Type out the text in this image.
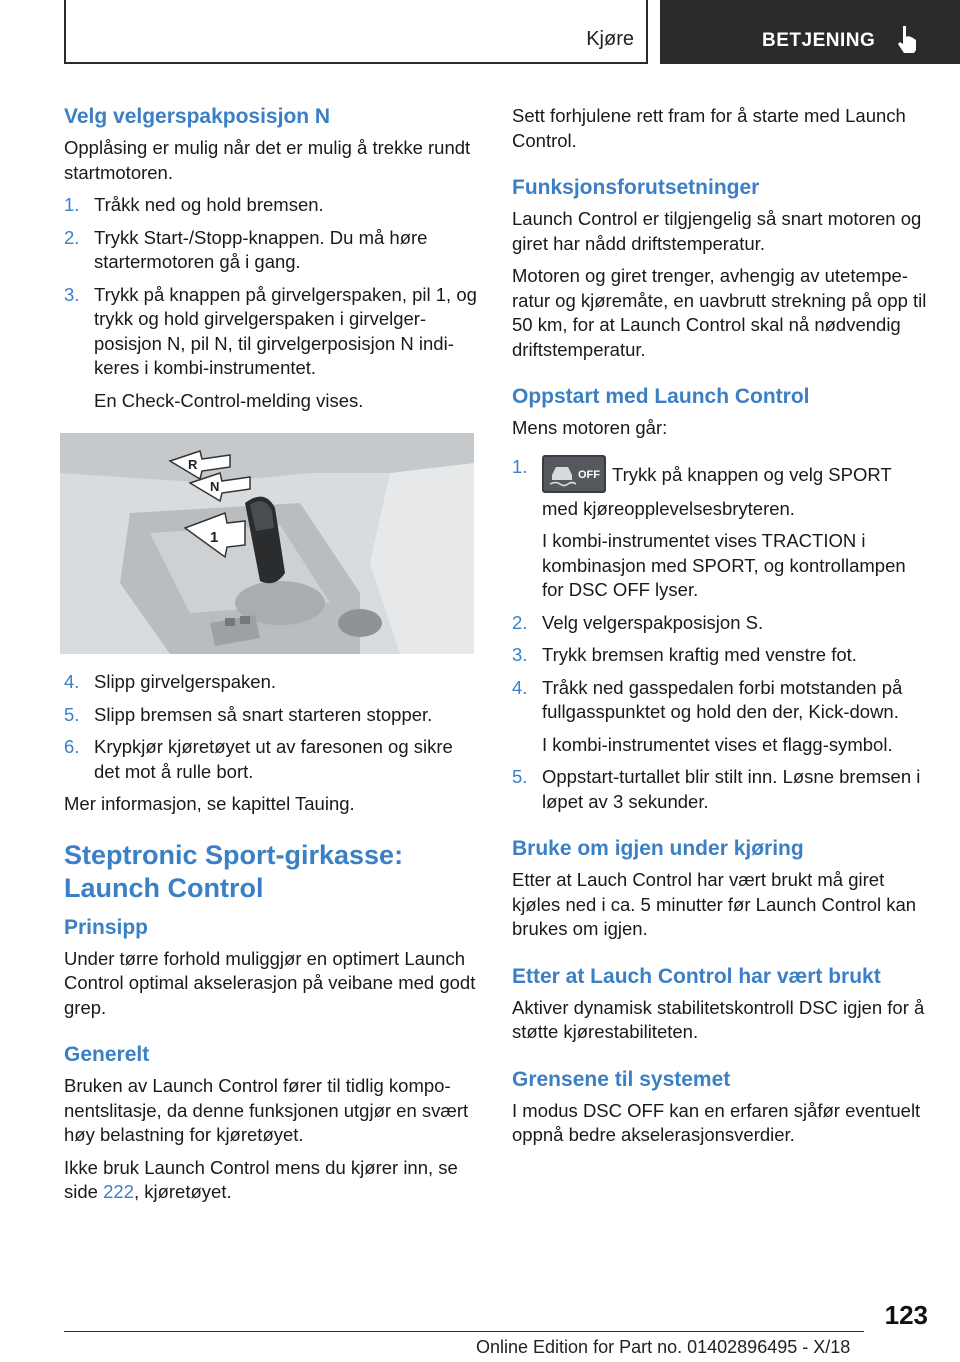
Kjøre	BETJENING
Velg velgerspakposisjon N

Opplåsing er mulig når det er mulig å trekke rundt startmotoren.

1. Tråkk ned og hold bremsen.
2. Trykk Start-/Stopp-knappen. Du må høre startermotoren gå i gang.
3. Trykk på knappen på girvelgerspaken, pil 1, og trykk og hold girvelgerspaken i girvelgerposisjon N, pil N, til girvelgerposisjon N indikeres i kombi-instrumentet.
En Check-Control-melding vises.
R
N
1
4. Slipp girvelgerspaken.
5. Slipp bremsen så snart starteren stopper.
6. Krypkjør kjøretøyet ut av faresonen og sikre det mot å rulle bort.

Mer informasjon, se kapittel Tauing.

Steptronic Sport-girkasse: Launch Control
Prinsipp

Under tørre forhold muliggjør en optimert Launch Control optimal akselerasjon på veibane med godt grep.

Generelt

Bruken av Launch Control fører til tidlig komponentslitasje, da denne funksjonen utgjør en svært høy belastning for kjøretøyet.

Ikke bruk Launch Control mens du kjører inn, se side 222, kjøretøyet.

Sett forhjulene rett fram for å starte med Launch Control.

Funksjonsforutsetninger

Launch Control er tilgjengelig så snart motoren og giret har nådd driftstemperatur.

Motoren og giret trenger, avhengig av utetemperatur og kjøremåte, en uavbrutt strekning på opp til 50 km, for at Launch Control skal nå nødvendig driftstemperatur.

Oppstart med Launch Control

Mens motoren går:

1.	OFF Trykk på knappen og velg SPORT med kjøreopplevelsesbryteren.
I kombi-instrumentet vises TRACTION i kombinasjon med SPORT, og kontrollampen for DSC OFF lyser.
2. Velg velgerspakposisjon S.
3. Trykk bremsen kraftig med venstre fot.
4. Tråkk ned gasspedalen forbi motstanden på fullgasspunktet og hold den der, Kick-down.
I kombi-instrumentet vises et flagg-symbol.
5. Oppstart-turtallet blir stilt inn. Løsne bremsen i løpet av 3 sekunder.
Bruke om igjen under kjøring

Etter at Lauch Control har vært brukt må giret kjøles ned i ca. 5 minutter før Launch Control kan brukes om igjen.

Etter at Lauch Control har vært brukt

Aktiver dynamisk stabilitetskontroll DSC igjen for å støtte kjørestabiliteten.

Grensene til systemet

I modus DSC OFF kan en erfaren sjåfør eventuelt oppnå bedre akselerasjonsverdier.

123
Online Edition for Part no. 01402896495 - X/18
